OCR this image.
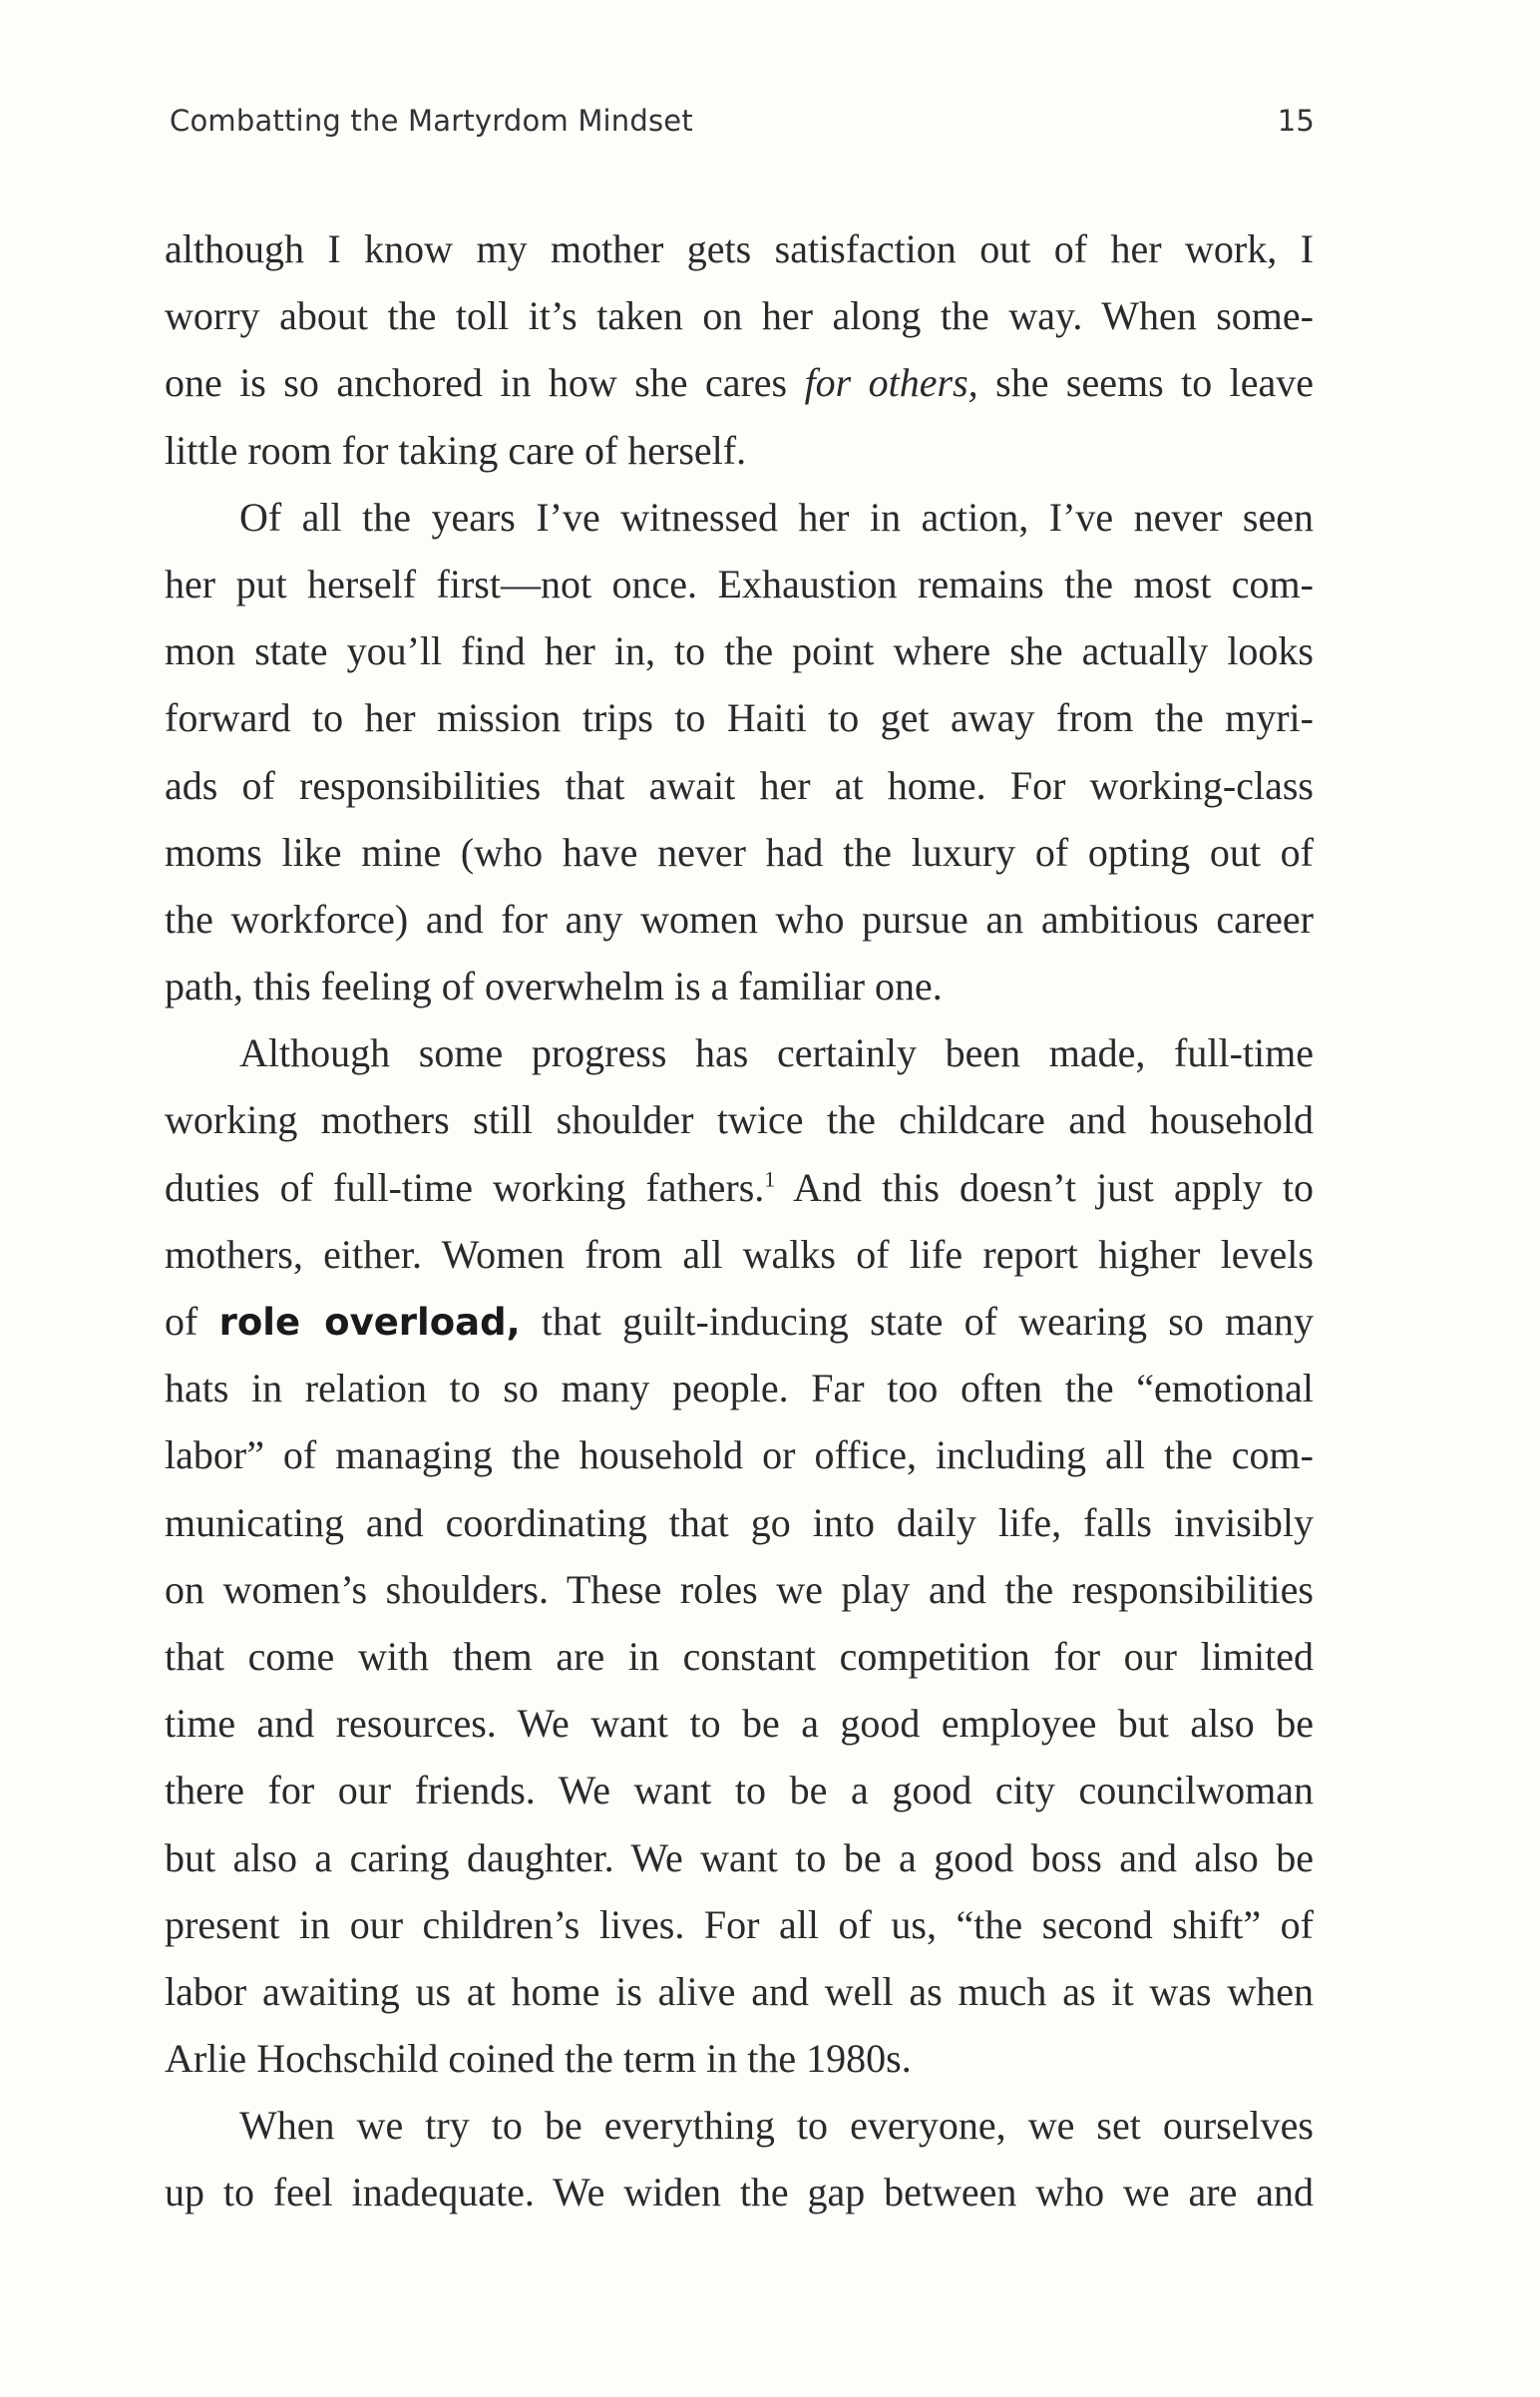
Combatting the Martyrdom Mindset	15
although I know my mother gets satisfaction out of her work, I
worry about the toll it’s taken on her along the way. When some-
one is so anchored in how she cares for others, she seems to leave
little room for taking care of herself.
Of all the years I’ve witnessed her in action, I’ve never seen
her put herself first—not once. Exhaustion remains the most com-
mon state you’ll find her in, to the point where she actually looks
forward to her mission trips to Haiti to get away from the myri-
ads of responsibilities that await her at home. For working-class
moms like mine (who have never had the luxury of opting out of
the workforce) and for any women who pursue an ambitious career
path, this feeling of overwhelm is a familiar one.
Although some progress has certainly been made, full-time
working mothers still shoulder twice the childcare and household
duties of full-time working fathers.$^1$ And this doesn’t just apply to
mothers, either. Women from all walks of life report higher levels
of role overload, that guilt-inducing state of wearing so many
hats in relation to so many people. Far too often the “emotional
labor” of managing the household or office, including all the com-
municating and coordinating that go into daily life, falls invisibly
on women’s shoulders. These roles we play and the responsibilities
that come with them are in constant competition for our limited
time and resources. We want to be a good employee but also be
there for our friends. We want to be a good city councilwoman
but also a caring daughter. We want to be a good boss and also be
present in our children’s lives. For all of us, “the second shift” of
labor awaiting us at home is alive and well as much as it was when
Arlie Hochschild coined the term in the 1980s.
When we try to be everything to everyone, we set ourselves
up to feel inadequate. We widen the gap between who we are and
